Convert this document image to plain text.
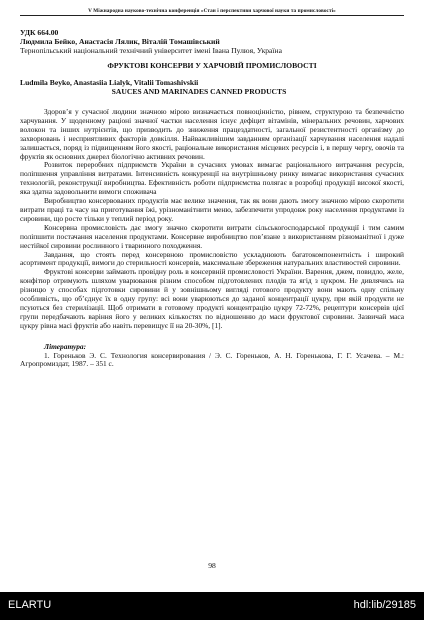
V Міжнародна науково-технічна конференція «Стан і перспективи харчової науки та промисловості»
УДК 664.00
Людмила Бейко, Анастасія Лялик, Віталій Томашівський
Тернопільський національний технічний університет імені Івана Пулюя, Україна
ФРУКТОВІ КОНСЕРВИ У ХАРЧОВІЙ ПРОМИСЛОВОСТІ
Ludmila Beyko, Anastasiia Lialyk, Vitalii Tomashivskii
SAUCES AND MARINADES CANNED PRODUCTS

Здоров’я у сучасної людини значною мірою визначається повноцінністю, рівнем, структурою та безпечністю харчування. У щоденному раціоні значної частки населення існує дефіцит вітамінів, мінеральних речовин, харчових волокон та інших нутрієнтів, що призводить до зниження працездатності, загальної резистентності організму до захворювань і несприятливих факторів довкілля. Найважливішим завданням організації харчування населення надалі залишається, поряд із підвищенням його якості, раціональне використання місцевих ресурсів і, в першу чергу, овочів та фруктів як основних джерел біологічно активних речовин.

Розвиток переробних підприємств України в сучасних умовах вимагає раціонального витрачання ресурсів, поліпшення управління витратами. Інтенсивність конкуренції на внутрішньому ринку вимагає використання сучасних технологій, реконструкції виробництва. Ефективність роботи підприємства полягає в розробці продукції високої якості, яка здатна задовольнити вимоги споживача

Виробництво консервованих продуктів має велике значення, так як вони дають змогу значною мірою скоротити витрати праці та часу на приготування їжі, урізноманітнити меню, забезпечити упродовж року населення продуктами із сировини, що росте тільки у теплий період року.

Консервна промисловість дає змогу значно скоротити витрати сільськогосподарської продукції і тим самим поліпшити постачання населення продуктами. Консервне виробництво пов’язане з використанням різноманітної і дуже нестійкої сировини рослинного і тваринного походження.

Завдання, що стоять перед консервною промисловістю ускладнюють багатокомпонентність і широкий асортимент продукції, вимоги до стерильності консервів, максимальне збереження натуральних властивостей сировини.

Фруктові консерви займають провідну роль в консервній промисловості України. Варення, джем, повидло, желе, конфітюр отримують шляхом уварювання різним способом підготовлених плодів та ягід з цукром. Не дивлячись на різницю у способах підготовки сировини й у зовнішньому вигляді готового продукту вони мають одну спільну особливість, що об’єднує їх в одну групу: всі вони уварюються до заданої концентрації цукру, при якій продукти не псуються без стерилізації. Щоб отримати в готовому продукті концентрацію цукру 72-72%, рецептури консервів цієї групи передбачають варіння його у великих кількостях по відношенню до маси фруктової сировини. Зазвичай маса цукру рівна масі фруктів або навіть перевищує її на 20-30%, [1].

Література:
1. Гореньков Э. С. Технология консервирования / Э. С. Гореньков, А. Н. Горенькова, Г. Г. Усачева. – М.: Агропромиздат, 1987. – 351 с.
98
ELARTU	hdl:lib/29185
